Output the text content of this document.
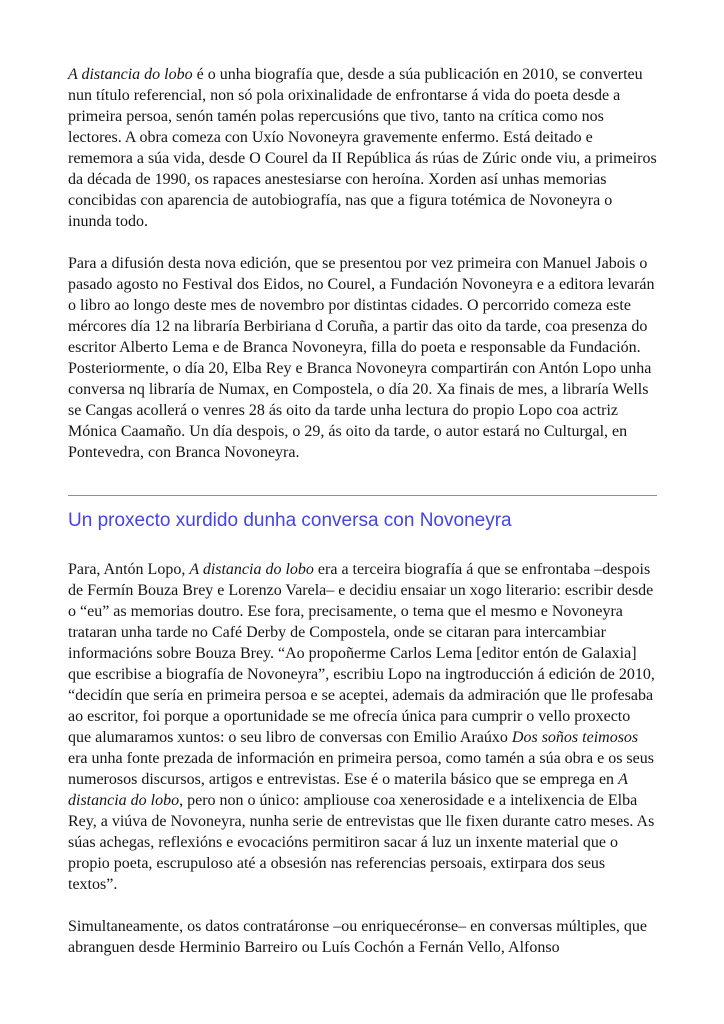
A distancia do lobo é o unha biografía que, desde a súa publicación en 2010, se converteu nun título referencial, non só pola orixinalidade de enfrontarse á vida do poeta desde a primeira persoa, senón tamén polas repercusións que tivo, tanto na crítica como nos lectores. A obra comeza con Uxío Novoneyra gravemente enfermo. Está deitado e rememora a súa vida, desde O Courel da II República ás rúas de Zúric onde viu, a primeiros da década de 1990, os rapaces anestesiarse con heroína. Xorden así unhas memorias concibidas con aparencia de autobiografía, nas que a figura totémica de Novoneyra o inunda todo.

Para a difusión desta nova edición, que se presentou por vez primeira con Manuel Jabois o pasado agosto no Festival dos Eidos, no Courel, a Fundación Novoneyra e a editora levarán o libro ao longo deste mes de novembro por distintas cidades. O percorrido comeza este mércores día 12 na libraría Berbiriana d Coruña, a partir das oito da tarde, coa presenza do escritor Alberto Lema e de Branca Novoneyra, filla do poeta e responsable da Fundación. Posteriormente, o día 20, Elba Rey e Branca Novoneyra compartirán con Antón Lopo unha conversa nq libraría de Numax, en Compostela, o día 20. Xa finais de mes, a libraría Wells se Cangas acollerá o venres 28 ás oito da tarde unha lectura do propio Lopo coa actriz Mónica Caamaño. Un día despois, o 29, ás oito da tarde, o autor estará no Culturgal, en Pontevedra, con Branca Novoneyra.

Un proxecto xurdido dunha conversa con Novoneyra

Para, Antón Lopo, A distancia do lobo era a terceira biografía á que se enfrontaba –despois de Fermín Bouza Brey e Lorenzo Varela– e decidiu ensaiar un xogo literario: escribir desde o “eu” as memorias doutro. Ese fora, precisamente, o tema que el mesmo e Novoneyra trataran unha tarde no Café Derby de Compostela, onde se citaran para intercambiar informacións sobre Bouza Brey. “Ao propoñerme Carlos Lema [editor entón de Galaxia] que escribise a biografía de Novoneyra”, escribiu Lopo na ingtroducción á edición de 2010, “decidín que sería en primeira persoa e se aceptei, ademais da admiración que lle profesaba ao escritor, foi porque a oportunidade se me ofrecía única para cumprir o vello proxecto que alumaramos xuntos: o seu libro de conversas con Emilio Araúxo Dos soños teimosos era unha fonte prezada de información en primeira persoa, como tamén a súa obra e os seus numerosos discursos, artigos e entrevistas. Ese é o materila básico que se emprega en A distancia do lobo, pero non o único: ampliouse coa xenerosidade e a intelixencia de Elba Rey, a viúva de Novoneyra, nunha serie de entrevistas que lle fixen durante catro meses. As súas achegas, reflexións e evocacións permitiron sacar á luz un inxente material que o propio poeta, escrupuloso até a obsesión nas referencias persoais, extirpara dos seus textos”.

Simultaneamente, os datos contratáronse –ou enriquecéronse– en conversas múltiples, que abranguen desde Herminio Barreiro ou Luís Cochón a Fernán Vello, Alfonso
